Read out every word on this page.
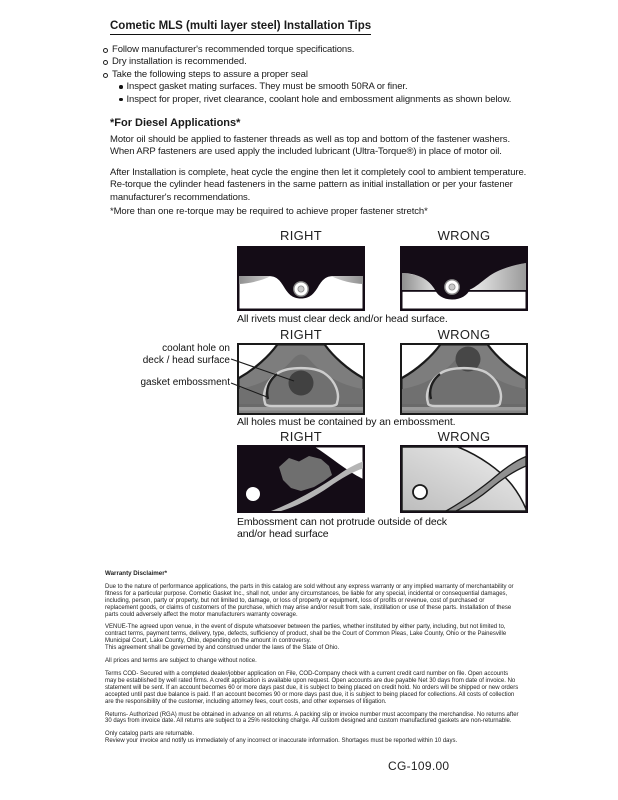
Cometic MLS (multi layer steel) Installation Tips
Follow manufacturer's recommended torque specifications.
Dry installation is recommended.
Take the following steps to assure a proper seal
Inspect gasket mating surfaces. They must be smooth 50RA or finer.
Inspect for proper, rivet clearance, coolant hole and embossment alignments as shown below.
*For Diesel Applications*
Motor oil should be applied to fastener threads as well as top and bottom of the fastener washers. When ARP fasteners are used apply the included lubricant (Ultra-Torque®) in place of motor oil.
After Installation is complete, heat cycle the engine then let it completely cool to ambient temperature. Re-torque the cylinder head fasteners in the same pattern as initial installation or per your fastener manufacturer's recommendations.
*More than one re-torque may be required to achieve proper fastener stretch*
RIGHT	WRONG
All rivets must clear deck and/or head surface.
RIGHT	WRONG
coolant hole on
deck / head surface
gasket embossment
All holes must be contained by an embossment.
RIGHT	WRONG
Embossment can not protrude outside of deck
and/or head surface
Warranty Disclaimer*

Due to the nature of performance applications, the parts in this catalog are sold without any express warranty or any implied warranty of merchantability or fitness for a particular purpose. Cometic Gasket Inc., shall not, under any circumstances, be liable for any special, incidental or consequential damages, including, person, party or property, but not limited to, damage, or loss of property or equipment, loss of profits or revenue, cost of purchased or replacement goods, or claims of customers of the purchase, which may arise and/or result from sale, instillation or use of these parts. Installation of these parts could adversely affect the motor manufacturers warranty coverage.

VENUE-The agreed upon venue, in the event of dispute whatsoever between the parties, whether instituted by either party, including, but not limited to, contract terms, payment terms, delivery, type, defects, sufficiency of product, shall be the Court of Common Pleas, Lake County, Ohio or the Painesville Municipal Court, Lake County, Ohio, depending on the amount in controversy.
This agreement shall be governed by and construed under the laws of the State of Ohio.

All prices and terms are subject to change without notice.

Terms COD- Secured with a completed dealer/jobber application on File, COD-Company check with a current credit card number on file. Open accounts may be established by well rated firms. A credit application is available upon request. Open accounts are due payable Net 30 days from date of invoice. No statement will be sent. If an account becomes 60 or more days past due, it is subject to being placed on credit hold. No orders will be shipped or new orders accepted until past due balance is paid. If an account becomes 90 or more days past due, it is subject to being placed for collections. All costs of collection are the responsibility of the customer, including attorney fees, court costs, and other expenses of litigation.

Returns- Authorized (RGA) must be obtained in advance on all returns. A packing slip or invoice number must accompany the merchandise. No returns after 30 days from invoice date. All returns are subject to a 25% restocking charge. All custom designed and custom manufactured gaskets are non-returnable.

Only catalog parts are returnable.
Review your invoice and notify us immediately of any incorrect or inaccurate information. Shortages must be reported within 10 days.

CG-109.00
